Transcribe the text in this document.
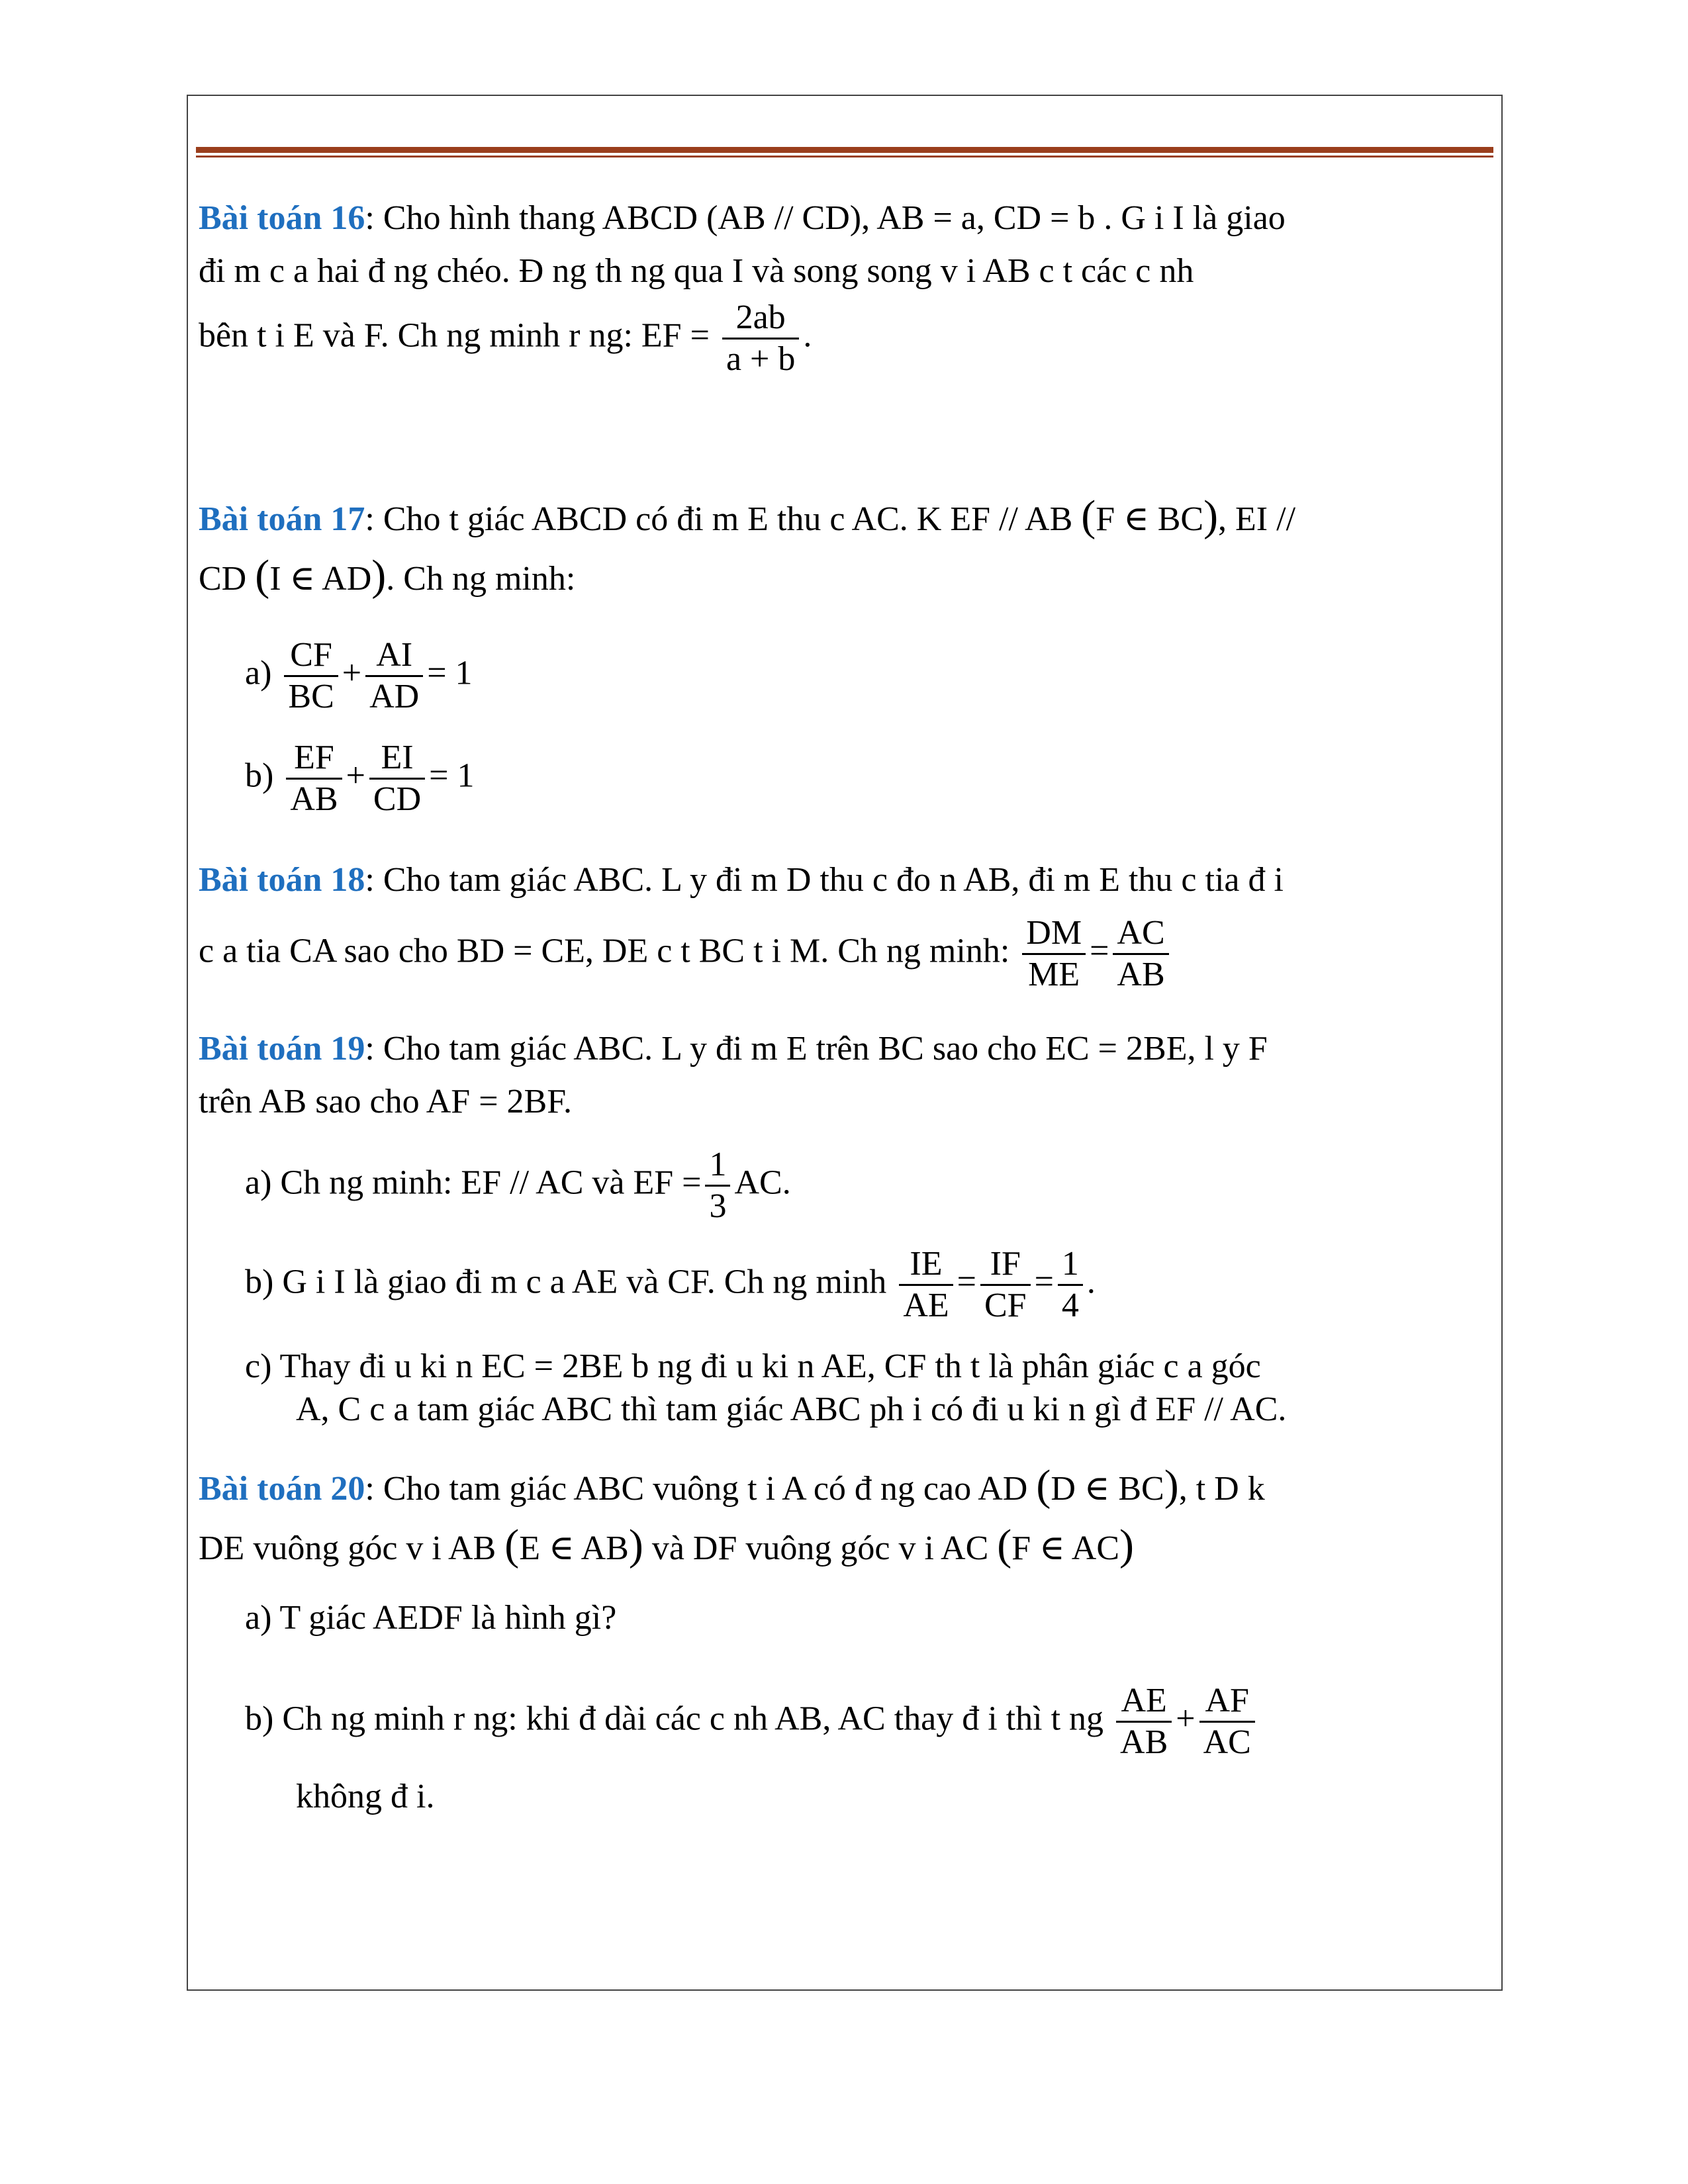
Bài toán 16: Cho hình thang ABCD (AB // CD), AB = a, CD = b . G i I là giao
đi m c a hai đ ng chéo. Đ ng th ng qua I và song song v i AB c t các c nh
bên t i E và F. Ch ng minh r ng: EF = $\frac{2ab}{a + b}$ .
Bài toán 17: Cho t giác ABCD có đi m E thu c AC. K EF // AB (F ∈ BC), EI //
CD (I ∈ AD). Ch ng minh:
$a) \frac{CF}{BC} + \frac{AI}{AD} = 1$
$b) \frac{EF}{AB} + \frac{EI}{CD} = 1$
Bài toán 18: Cho tam giác ABC. L y đi m D thu c đo n AB, đi m E thu c tia đ i
c a tia CA sao cho BD = CE, DE c t BC t i M. Ch ng minh: $\frac{DM}{ME} = \frac{AC}{AB}$
Bài toán 19: Cho tam giác ABC. L y đi m E trên BC sao cho EC = 2BE, l y F
trên AB sao cho AF = 2BF.
a) Ch ng minh: EF // AC và EF = $\frac{1}{3}$ AC.
b) G i I là giao đi m c a AE và CF. Ch ng minh $\frac{IE}{AE} = \frac{IF}{CF} = \frac{1}{4}$ .
c) Thay đi u ki n EC = 2BE b ng đi u ki n AE, CF th t là phân giác c a góc
A, C c a tam giác ABC thì tam giác ABC ph i có đi u ki n gì đ EF // AC.
Bài toán 20: Cho tam giác ABC vuông t i A có đ ng cao AD (D ∈ BC), t D k
DE vuông góc v i AB (E ∈ AB) và DF vuông góc v i AC (F ∈ AC)
a) T giác AEDF là hình gì?
b) Ch ng minh r ng: khi đ dài các c nh AB, AC thay đ i thì t ng $\frac{AE}{AB} + \frac{AF}{AC}$
không đ i.
